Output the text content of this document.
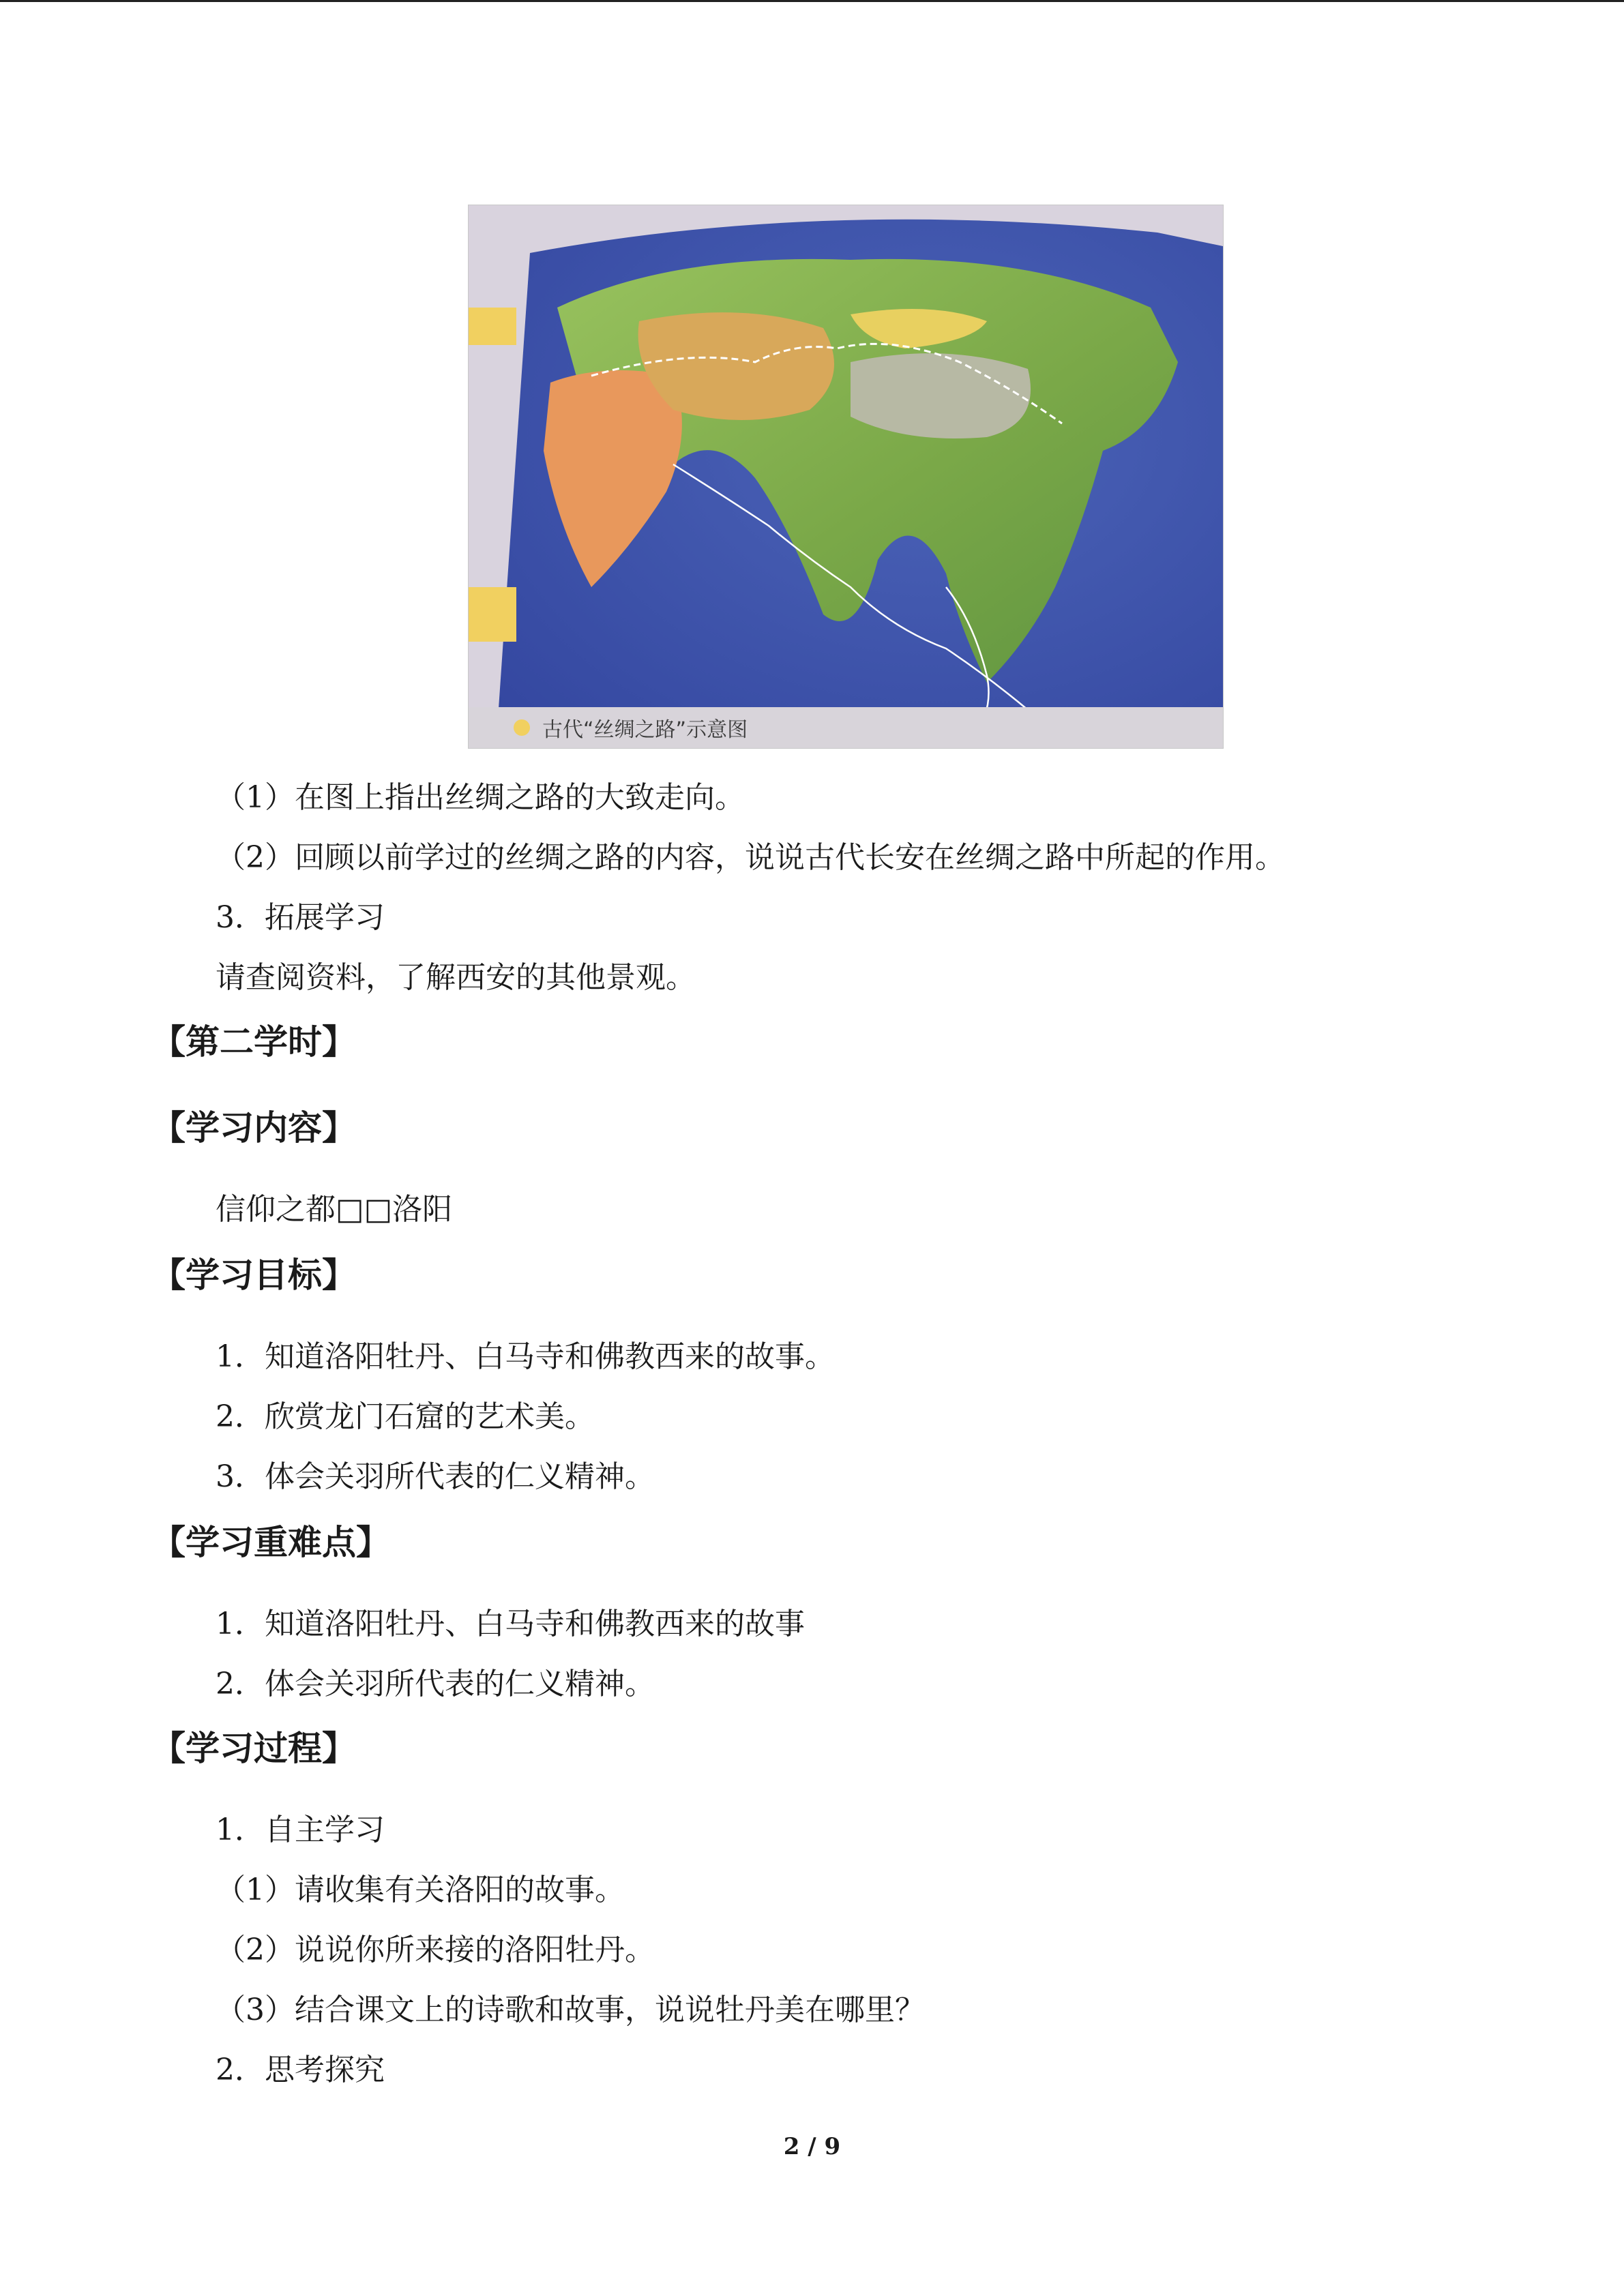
古代“丝绸之路”示意图
（1）在图上指出丝绸之路的大致走向。
（2）回顾以前学过的丝绸之路的内容，说说古代长安在丝绸之路中所起的作用。
3．拓展学习
请查阅资料，了解西安的其他景观。
【第二学时】
【学习内容】
信仰之都□□洛阳
【学习目标】
1．知道洛阳牡丹、白马寺和佛教西来的故事。
2．欣赏龙门石窟的艺术美。
3．体会关羽所代表的仁义精神。
【学习重难点】
1．知道洛阳牡丹、白马寺和佛教西来的故事
2．体会关羽所代表的仁义精神。
【学习过程】
1．自主学习
（1）请收集有关洛阳的故事。
（2）说说你所来接的洛阳牡丹。
（3）结合课文上的诗歌和故事，说说牡丹美在哪里？
2．思考探究
2 / 9
